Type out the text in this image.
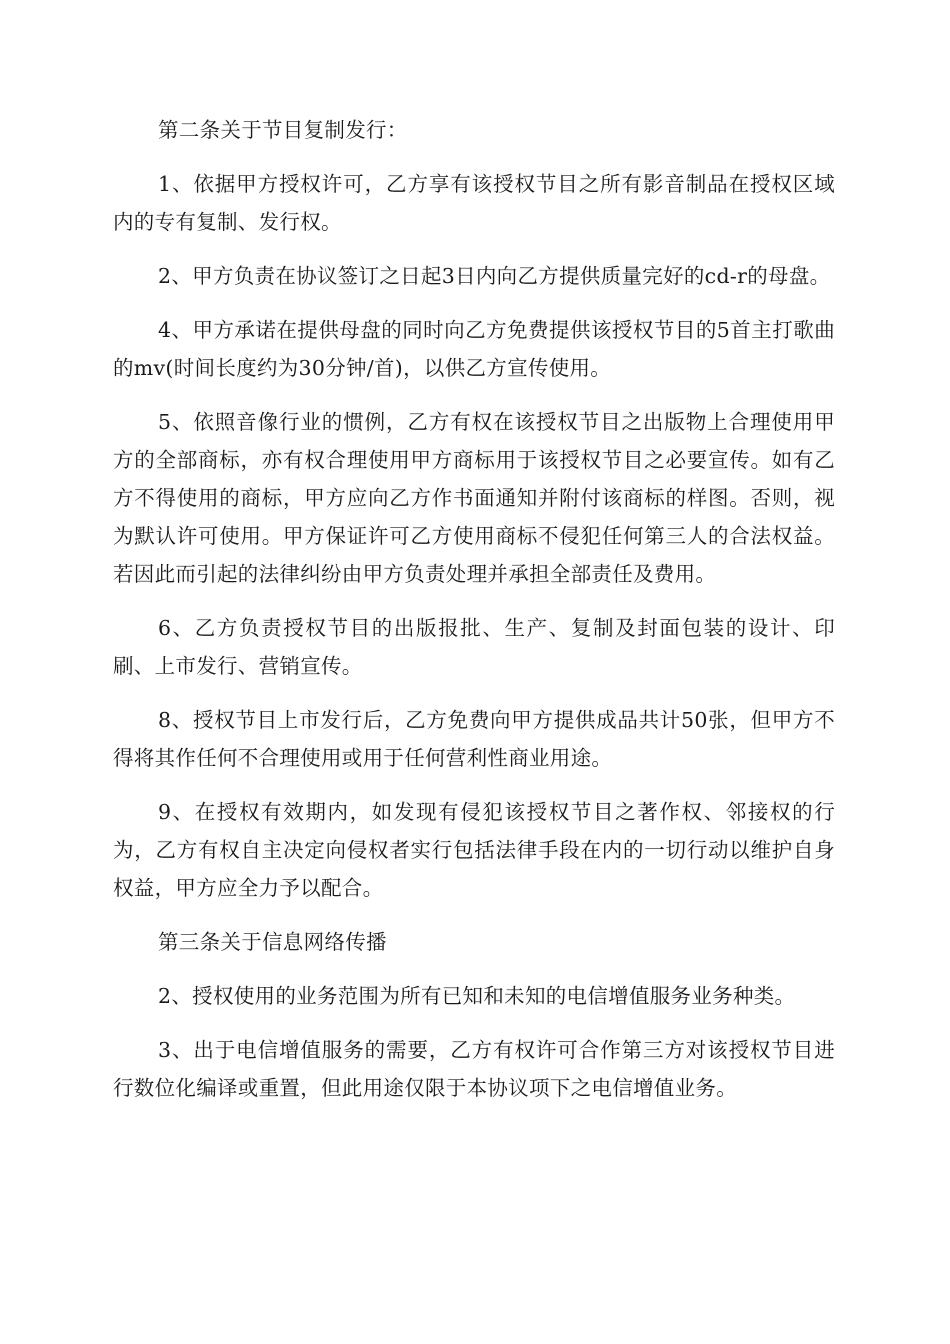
第二条关于节目复制发行：

1、依据甲方授权许可，乙方享有该授权节目之所有影音制品在授权区域内的专有复制、发行权。

2、甲方负责在协议签订之日起3日内向乙方提供质量完好的cd-r的母盘。

4、甲方承诺在提供母盘的同时向乙方免费提供该授权节目的5首主打歌曲的mv(时间长度约为30分钟/首)，以供乙方宣传使用。

5、依照音像行业的惯例，乙方有权在该授权节目之出版物上合理使用甲方的全部商标，亦有权合理使用甲方商标用于该授权节目之必要宣传。如有乙方不得使用的商标，甲方应向乙方作书面通知并附付该商标的样图。否则，视为默认许可使用。甲方保证许可乙方使用商标不侵犯任何第三人的合法权益。若因此而引起的法律纠纷由甲方负责处理并承担全部责任及费用。

6、乙方负责授权节目的出版报批、生产、复制及封面包装的设计、印刷、上市发行、营销宣传。

8、授权节目上市发行后，乙方免费向甲方提供成品共计50张，但甲方不得将其作任何不合理使用或用于任何营利性商业用途。

9、在授权有效期内，如发现有侵犯该授权节目之著作权、邻接权的行为，乙方有权自主决定向侵权者实行包括法律手段在内的一切行动以维护自身权益，甲方应全力予以配合。

第三条关于信息网络传播

2、授权使用的业务范围为所有已知和未知的电信增值服务业务种类。

3、出于电信增值服务的需要，乙方有权许可合作第三方对该授权节目进行数位化编译或重置，但此用途仅限于本协议项下之电信增值业务。
